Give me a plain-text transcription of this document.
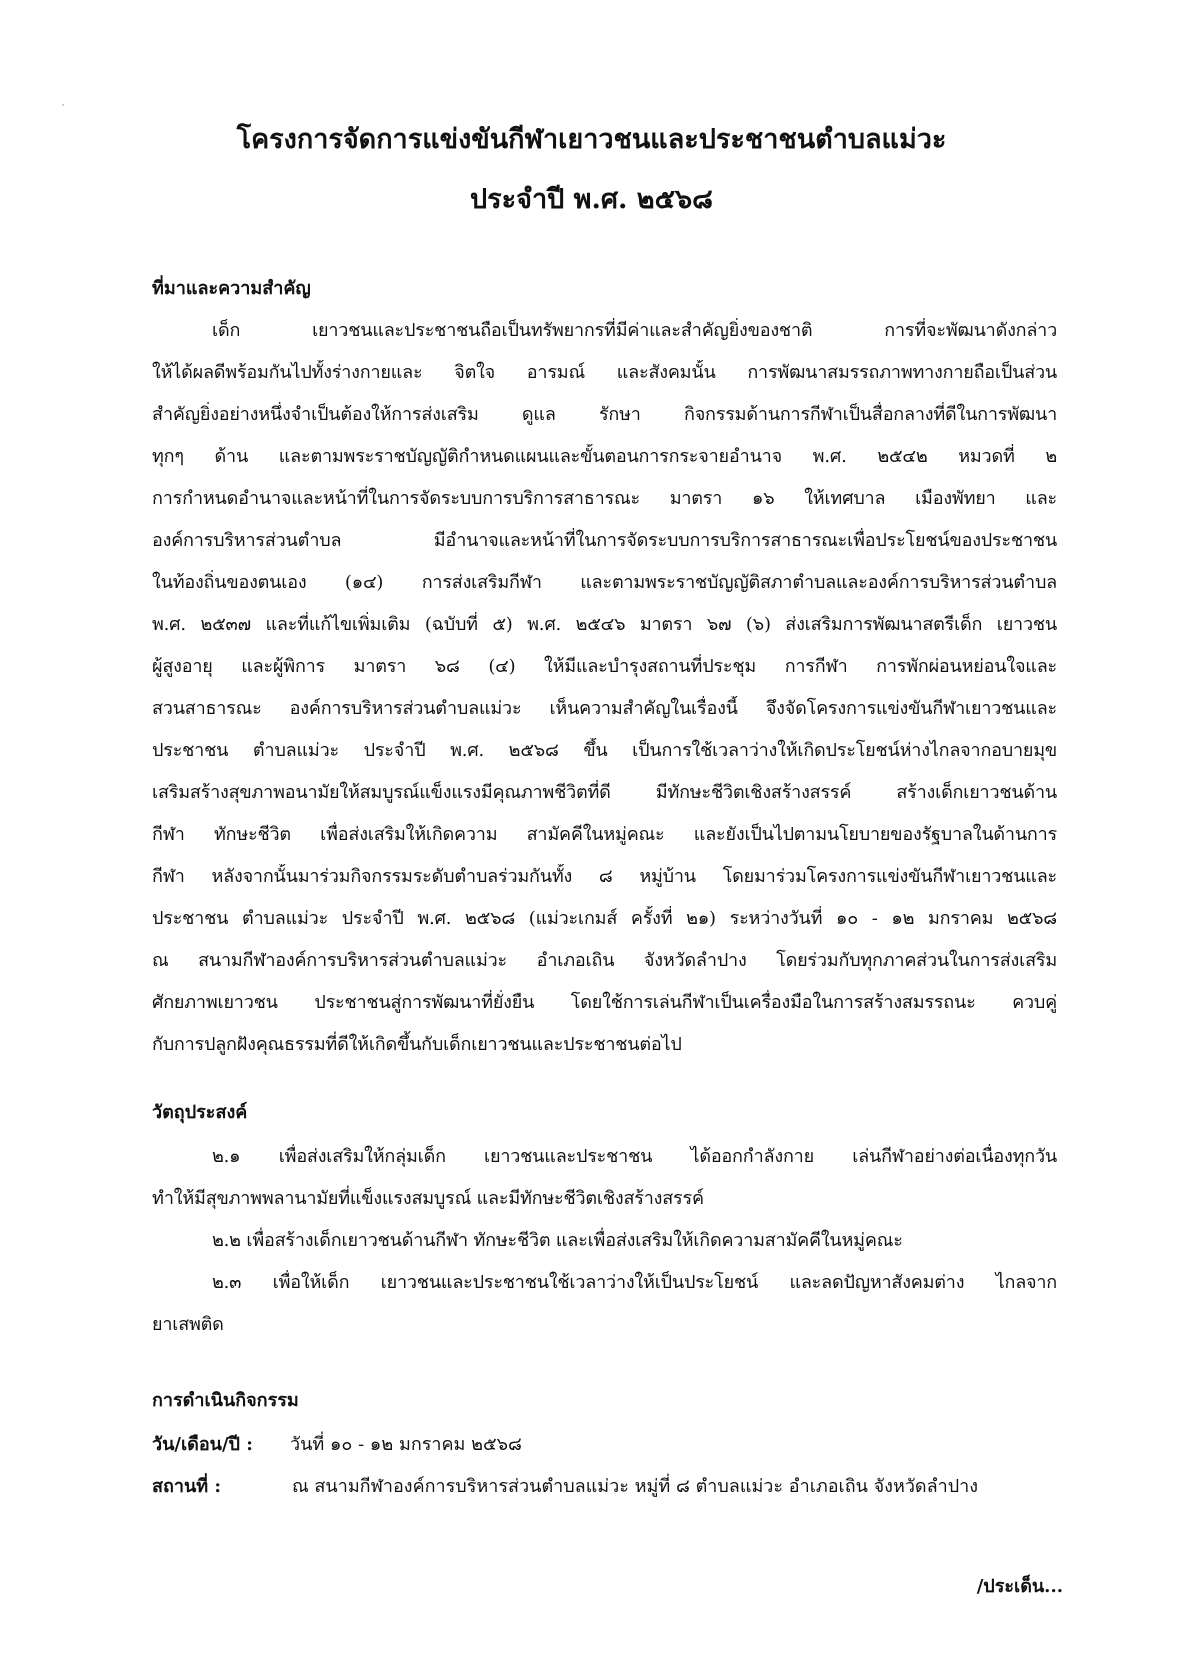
โครงการจัดการแข่งขันกีฬาเยาวชนและประชาชนตำบลแม่วะ
ประจำปี พ.ศ. ๒๕๖๘
ที่มาและความสำคัญ
เด็ก เยาวชนและประชาชนถือเป็นทรัพยากรที่มีค่าและสำคัญยิ่งของชาติ การที่จะพัฒนาดังกล่าว
ให้ได้ผลดีพร้อมกันไปทั้งร่างกายและ จิตใจ อารมณ์ และสังคมนั้น การพัฒนาสมรรถภาพทางกายถือเป็นส่วน
สำคัญยิ่งอย่างหนึ่งจำเป็นต้องให้การส่งเสริม ดูแล รักษา กิจกรรมด้านการกีฬาเป็นสื่อกลางที่ดีในการพัฒนา
ทุกๆ ด้าน และตามพระราชบัญญัติกำหนดแผนและขั้นตอนการกระจายอำนาจ พ.ศ. ๒๕๔๒ หมวดที่ ๒
การกำหนดอำนาจและหน้าที่ในการจัดระบบการบริการสาธารณะ มาตรา ๑๖ ให้เทศบาล เมืองพัทยา และ
องค์การบริหารส่วนตำบล มีอำนาจและหน้าที่ในการจัดระบบการบริการสาธารณะเพื่อประโยชน์ของประชาชน
ในท้องถิ่นของตนเอง (๑๔) การส่งเสริมกีฬา และตามพระราชบัญญัติสภาตำบลและองค์การบริหารส่วนตำบล
พ.ศ. ๒๕๓๗ และที่แก้ไขเพิ่มเติม (ฉบับที่ ๕) พ.ศ. ๒๕๔๖ มาตรา ๖๗ (๖) ส่งเสริมการพัฒนาสตรีเด็ก เยาวชน
ผู้สูงอายุ และผู้พิการ มาตรา ๖๘ (๔) ให้มีและบำรุงสถานที่ประชุม การกีฬา การพักผ่อนหย่อนใจและ
สวนสาธารณะ องค์การบริหารส่วนตำบลแม่วะ เห็นความสำคัญในเรื่องนี้ จึงจัดโครงการแข่งขันกีฬาเยาวชนและ
ประชาชน ตำบลแม่วะ ประจำปี พ.ศ. ๒๕๖๘ ขึ้น เป็นการใช้เวลาว่างให้เกิดประโยชน์ห่างไกลจากอบายมุข
เสริมสร้างสุขภาพอนามัยให้สมบูรณ์แข็งแรงมีคุณภาพชีวิตที่ดี มีทักษะชีวิตเชิงสร้างสรรค์ สร้างเด็กเยาวชนด้าน
กีฬา ทักษะชีวิต เพื่อส่งเสริมให้เกิดความ สามัคคีในหมู่คณะ และยังเป็นไปตามนโยบายของรัฐบาลในด้านการ
กีฬา หลังจากนั้นมาร่วมกิจกรรมระดับตำบลร่วมกันทั้ง ๘ หมู่บ้าน โดยมาร่วมโครงการแข่งขันกีฬาเยาวชนและ
ประชาชน ตำบลแม่วะ ประจำปี พ.ศ. ๒๕๖๘ (แม่วะเกมส์ ครั้งที่ ๒๑) ระหว่างวันที่ ๑๐ - ๑๒ มกราคม ๒๕๖๘
ณ สนามกีฬาองค์การบริหารส่วนตำบลแม่วะ อำเภอเถิน จังหวัดลำปาง โดยร่วมกับทุกภาคส่วนในการส่งเสริม
ศักยภาพเยาวชน ประชาชนสู่การพัฒนาที่ยั่งยืน โดยใช้การเล่นกีฬาเป็นเครื่องมือในการสร้างสมรรถนะ ควบคู่
กับการปลูกฝังคุณธรรมที่ดีให้เกิดขึ้นกับเด็กเยาวชนและประชาชนต่อไป
วัตถุประสงค์
๒.๑ เพื่อส่งเสริมให้กลุ่มเด็ก เยาวชนและประชาชน ได้ออกกำลังกาย เล่นกีฬาอย่างต่อเนื่องทุกวัน
ทำให้มีสุขภาพพลานามัยที่แข็งแรงสมบูรณ์ และมีทักษะชีวิตเชิงสร้างสรรค์
๒.๒ เพื่อสร้างเด็กเยาวชนด้านกีฬา ทักษะชีวิต และเพื่อส่งเสริมให้เกิดความสามัคคีในหมู่คณะ
๒.๓ เพื่อให้เด็ก เยาวชนและประชาชนใช้เวลาว่างให้เป็นประโยชน์ และลดปัญหาสังคมต่าง ไกลจาก
ยาเสพติด
การดำเนินกิจกรรม
วัน/เดือน/ปี : วันที่ ๑๐ - ๑๒ มกราคม ๒๕๖๘
สถานที่ :	ณ สนามกีฬาองค์การบริหารส่วนตำบลแม่วะ หมู่ที่ ๘ ตำบลแม่วะ อำเภอเถิน จังหวัดลำปาง
/ประเด็น...
